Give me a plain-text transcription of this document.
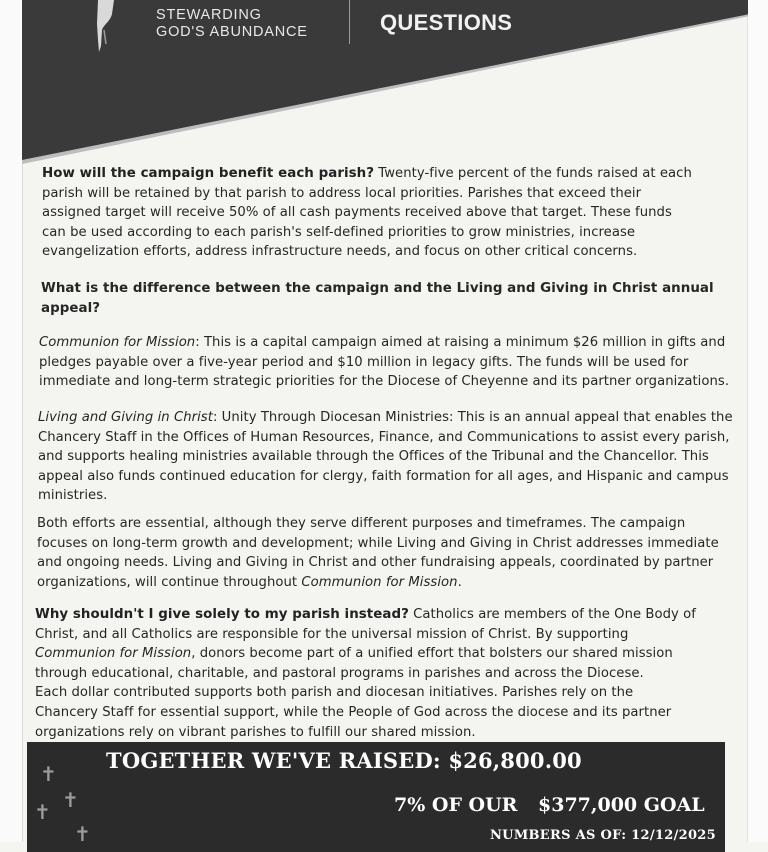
STEWARDING
GOD'S ABUNDANCE	QUESTIONS
How will the campaign benefit each parish? Twenty-five percent of the funds raised at each
parish will be retained by that parish to address local priorities. Parishes that exceed their
assigned target will receive 50% of all cash payments received above that target. These funds
can be used according to each parish's self-defined priorities to grow ministries, increase
evangelization efforts, address infrastructure needs, and focus on other critical concerns.
What is the difference between the campaign and the Living and Giving in Christ annual
appeal?
Communion for Mission: This is a capital campaign aimed at raising a minimum $26 million in gifts and
pledges payable over a five-year period and $10 million in legacy gifts. The funds will be used for
immediate and long-term strategic priorities for the Diocese of Cheyenne and its partner organizations.
Living and Giving in Christ: Unity Through Diocesan Ministries: This is an annual appeal that enables the
Chancery Staff in the Offices of Human Resources, Finance, and Communications to assist every parish,
and supports healing ministries available through the Offices of the Tribunal and the Chancellor. This
appeal also funds continued education for clergy, faith formation for all ages, and Hispanic and campus
ministries.
Both efforts are essential, although they serve different purposes and timeframes. The campaign
focuses on long-term growth and development; while Living and Giving in Christ addresses immediate
and ongoing needs. Living and Giving in Christ and other fundraising appeals, coordinated by partner
organizations, will continue throughout Communion for Mission.
Why shouldn't I give solely to my parish instead? Catholics are members of the One Body of
Christ, and all Catholics are responsible for the universal mission of Christ. By supporting
Communion for Mission, donors become part of a unified effort that bolsters our shared mission
through educational, charitable, and pastoral programs in parishes and across the Diocese.
Each dollar contributed supports both parish and diocesan initiatives. Parishes rely on the
Chancery Staff for essential support, while the People of God across the diocese and its partner
organizations rely on vibrant parishes to fulfill our shared mission.
✝
✝ ✝
✝
TOGETHER WE'VE RAISED: $26,800.00
7% OF OUR $377,000 GOAL
NUMBERS AS OF: 12/12/2025
